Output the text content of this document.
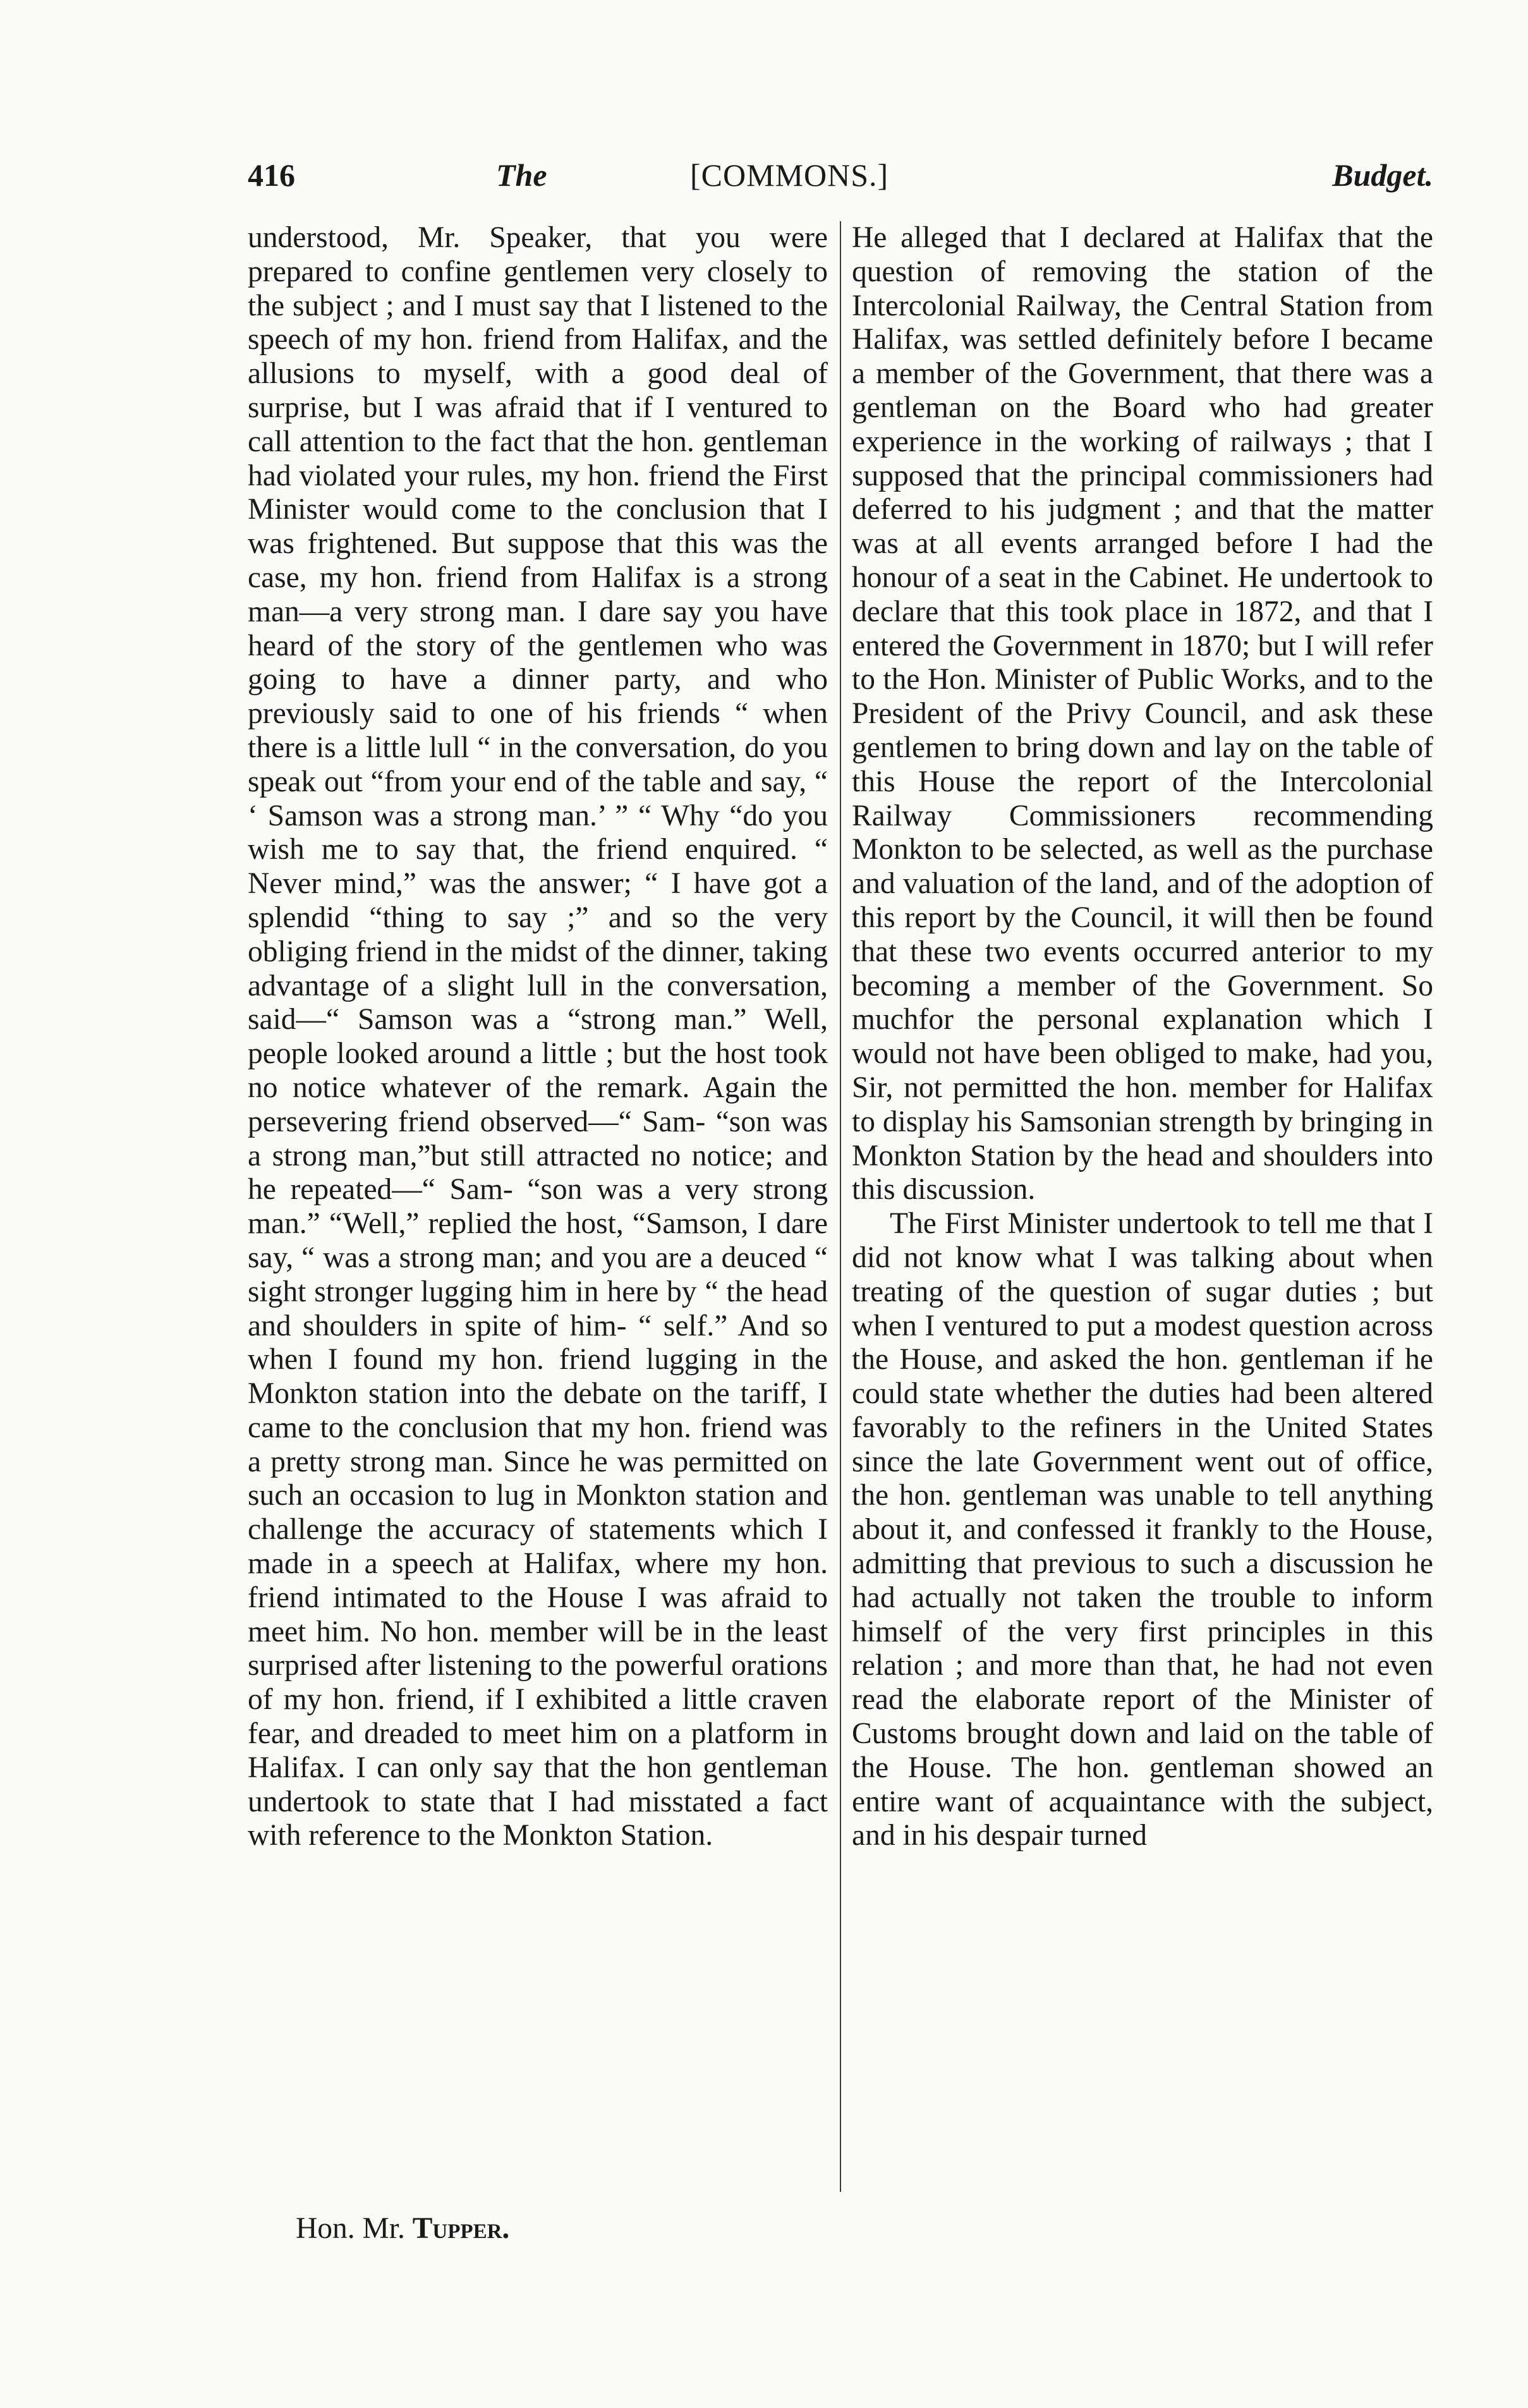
416	The	[COMMONS.]	Budget.

understood, Mr. Speaker, that you were prepared to confine gentlemen very closely to the subject ; and I must say that I listened to the speech of my hon. friend from Halifax, and the allusions to myself, with a good deal of surprise, but I was afraid that if I ventured to call attention to the fact that the hon. gentleman had violated your rules, my hon. friend the First Minister would come to the conclusion that I was frightened. But suppose that this was the case, my hon. friend from Halifax is a strong man—a very strong man. I dare say you have heard of the story of the gentlemen who was going to have a dinner party, and who previously said to one of his friends “ when there is a little lull “ in the conversation, do you speak out “from your end of the table and say, “ ‘ Samson was a strong man.’ ” “ Why “do you wish me to say that, the friend enquired. “ Never mind,” was the answer; “ I have got a splendid “thing to say ;” and so the very obliging friend in the midst of the dinner, taking advantage of a slight lull in the conversation, said—“ Samson was a “strong man.” Well, people looked around a little ; but the host took no notice whatever of the remark. Again the persevering friend observed—“ Sam- “son was a strong man,”but still attracted no notice; and he repeated—“ Sam- “son was a very strong man.” “Well,” replied the host, “Samson, I dare say, “ was a strong man; and you are a deuced “ sight stronger lugging him in here by “ the head and shoulders in spite of him- “ self.” And so when I found my hon. friend lugging in the Monkton station into the debate on the tariff, I came to the conclusion that my hon. friend was a pretty strong man. Since he was permitted on such an occasion to lug in Monkton station and challenge the accuracy of statements which I made in a speech at Halifax, where my hon. friend intimated to the House I was afraid to meet him. No hon. member will be in the least surprised after listening to the powerful orations of my hon. friend, if I exhibited a little craven fear, and dreaded to meet him on a platform in Halifax. I can only say that the hon gentleman undertook to state that I had misstated a fact with reference to the Monkton Station.

He alleged that I declared at Halifax that the question of removing the station of the Intercolonial Railway, the Central Station from Halifax, was settled definitely before I became a member of the Government, that there was a gentleman on the Board who had greater experience in the working of railways ; that I supposed that the principal commissioners had deferred to his judgment ; and that the matter was at all events arranged before I had the honour of a seat in the Cabinet. He undertook to declare that this took place in 1872, and that I entered the Government in 1870; but I will refer to the Hon. Minister of Public Works, and to the President of the Privy Council, and ask these gentlemen to bring down and lay on the table of this House the report of the Intercolonial Railway Commissioners recommending Monkton to be selected, as well as the purchase and valuation of the land, and of the adoption of this report by the Council, it will then be found that these two events occurred anterior to my becoming a member of the Government. So muchfor the personal explanation which I would not have been obliged to make, had you, Sir, not permitted the hon. member for Halifax to display his Samsonian strength by bringing in Monkton Station by the head and shoulders into this discussion.

The First Minister undertook to tell me that I did not know what I was talking about when treating of the question of sugar duties ; but when I ventured to put a modest question across the House, and asked the hon. gentleman if he could state whether the duties had been altered favorably to the refiners in the United States since the late Government went out of office, the hon. gentleman was unable to tell anything about it, and confessed it frankly to the House, admitting that previous to such a discussion he had actually not taken the trouble to inform himself of the very first principles in this relation ; and more than that, he had not even read the elaborate report of the Minister of Customs brought down and laid on the table of the House. The hon. gentleman showed an entire want of acquaintance with the subject, and in his despair turned

Hon. Mr. Tupper.
